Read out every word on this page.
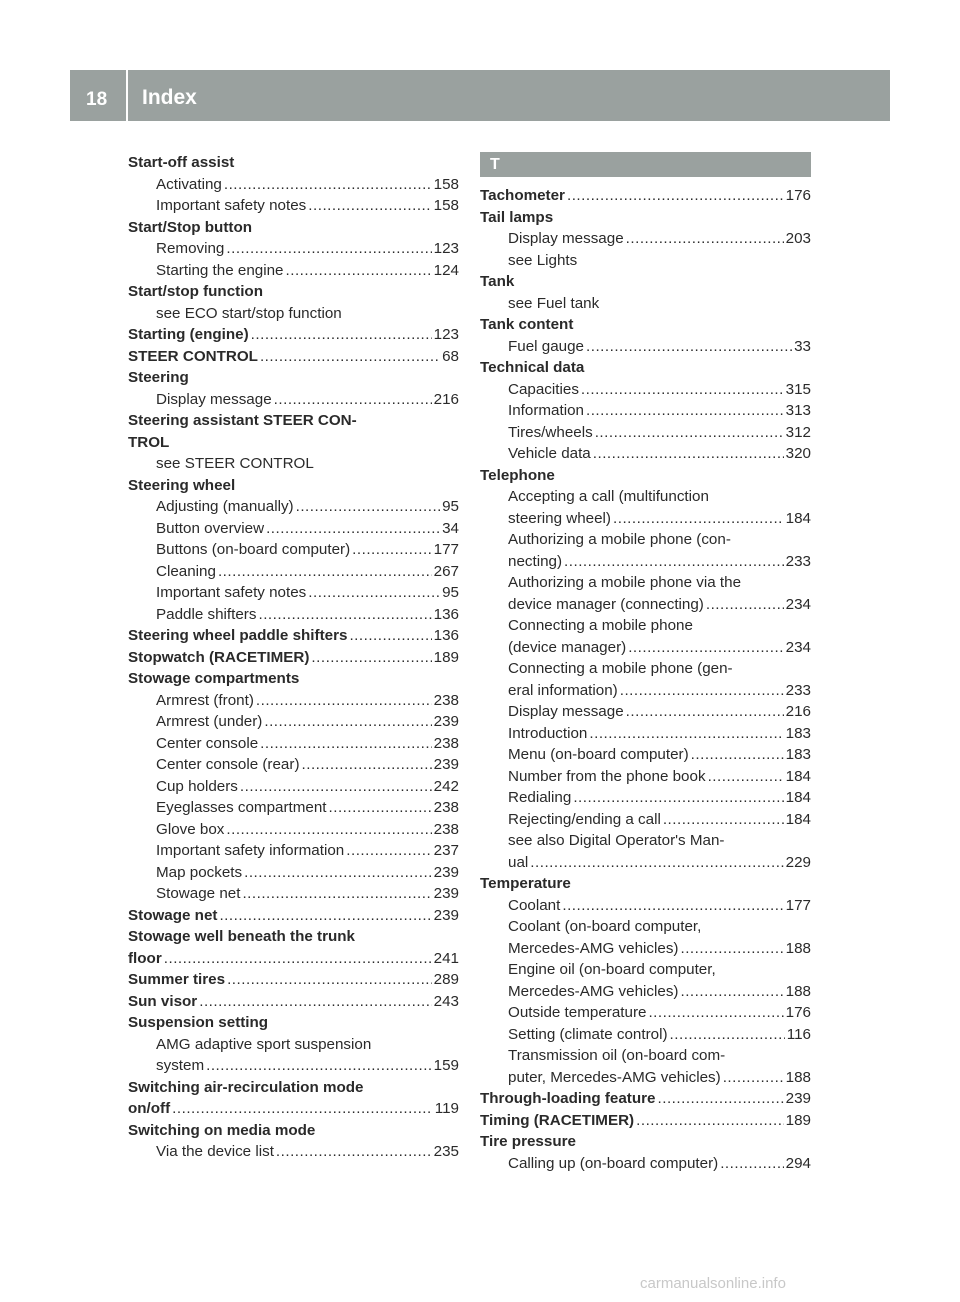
18 Index
Start-off assist
Activating .....	158
Important safety notes .....	158
Start/Stop button
Removing .....	123
Starting the engine .....	124
Start/stop function
see ECO start/stop function
Starting (engine) .....	123
STEER CONTROL .....	68
Steering
Display message .....	216
Steering assistant STEER CON-
TROL
see STEER CONTROL
Steering wheel
Adjusting (manually) .....	95
Button overview .....	34
Buttons (on-board computer) .....	177
Cleaning .....	267
Important safety notes .....	95
Paddle shifters .....	136
Steering wheel paddle shifters .....	136
Stopwatch (RACETIMER) .....	189
Stowage compartments
Armrest (front) .....	238
Armrest (under) .....	239
Center console .....	238
Center console (rear) .....	239
Cup holders .....	242
Eyeglasses compartment .....	238
Glove box .....	238
Important safety information .....	237
Map pockets .....	239
Stowage net .....	239
Stowage net .....	239
Stowage well beneath the trunk
floor .....	241
Summer tires .....	289
Sun visor .....	243
Suspension setting
AMG adaptive sport suspension
system .....	159
Switching air-recirculation mode
on/off .....	119
Switching on media mode
Via the device list .....	235
T
Tachometer .....	176
Tail lamps
Display message .....	203
see Lights
Tank
see Fuel tank
Tank content
Fuel gauge .....	33
Technical data
Capacities .....	315
Information .....	313
Tires/wheels .....	312
Vehicle data .....	320
Telephone
Accepting a call (multifunction
steering wheel) .....	184
Authorizing a mobile phone (con-
necting) .....	233
Authorizing a mobile phone via the
device manager (connecting) .....	234
Connecting a mobile phone
(device manager) .....	234
Connecting a mobile phone (gen-
eral information) .....	233
Display message .....	216
Introduction .....	183
Menu (on-board computer) .....	183
Number from the phone book .....	184
Redialing .....	184
Rejecting/ending a call .....	184
see also Digital Operator's Man-
ual .....	229
Temperature
Coolant .....	177
Coolant (on-board computer,
Mercedes-AMG vehicles) .....	188
Engine oil (on-board computer,
Mercedes-AMG vehicles) .....	188
Outside temperature .....	176
Setting (climate control) .....	116
Transmission oil (on-board com-
puter, Mercedes-AMG vehicles) .....	188
Through-loading feature .....	239
Timing (RACETIMER) .....	189
Tire pressure
Calling up (on-board computer) .....	294
carmanualsonline.info
